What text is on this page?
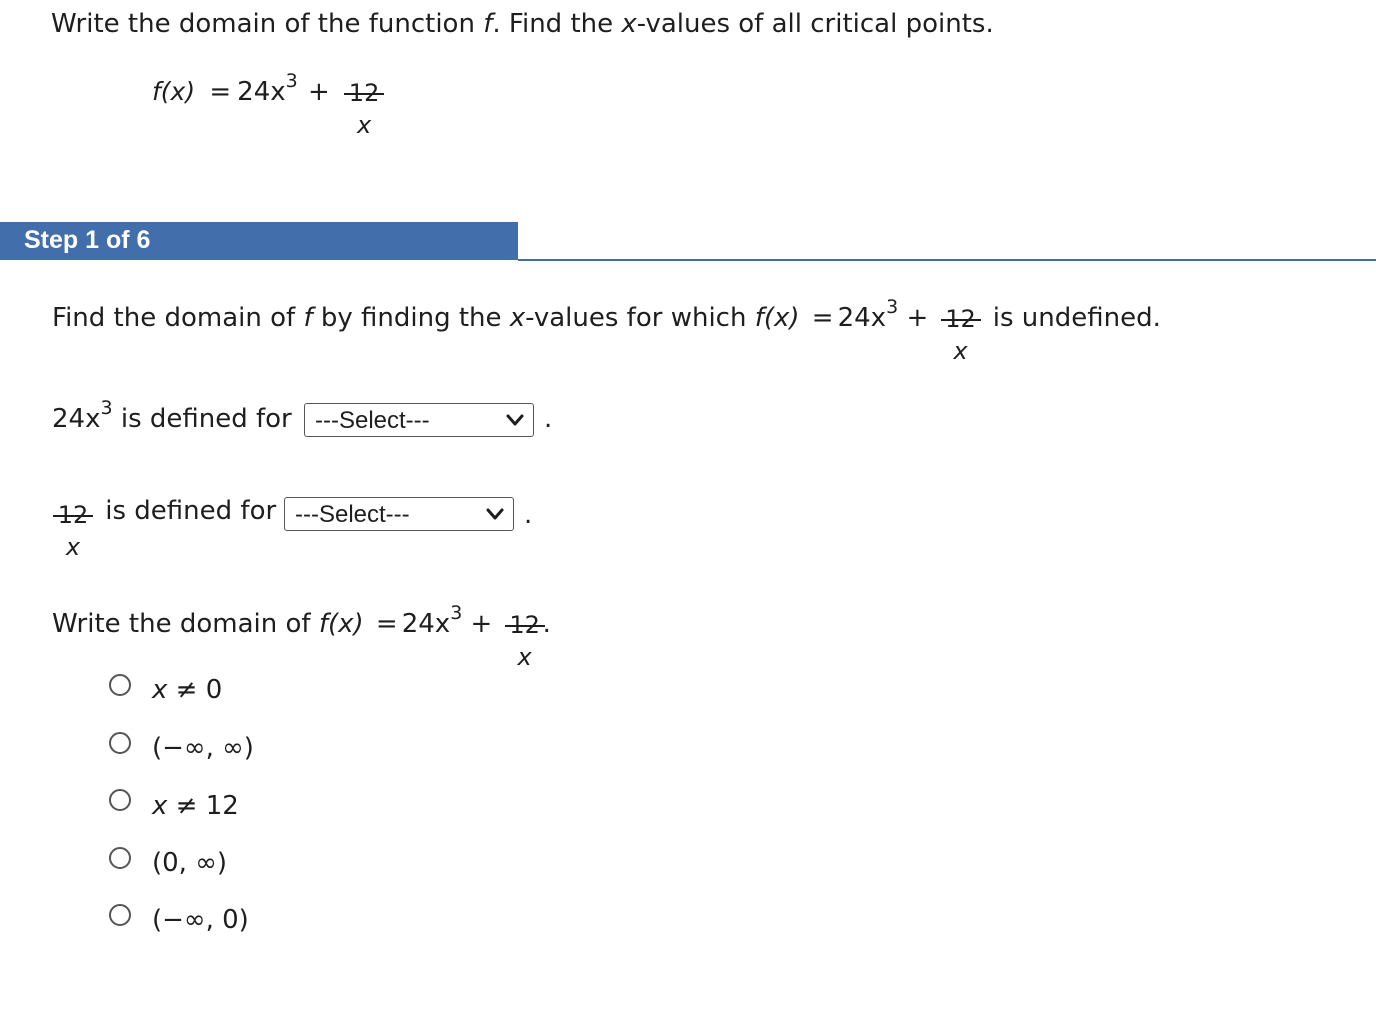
Write the domain of the function f. Find the x-values of all critical points.
$f(x) = 24x^3 + 12$
x
Step 1 of 6
Find the domain of f by finding the x-values for which $f(x) = 24x^3 + 12$
x
is undefined.
$24x^3$ is defined for ---Select---	.
12
x
is defined for ---Select---	.
Write the domain of $f(x) = 24x^3 + 12$
x
.
x ≠ 0
(−∞, ∞)
x ≠ 12
(0, ∞)
(−∞, 0)
